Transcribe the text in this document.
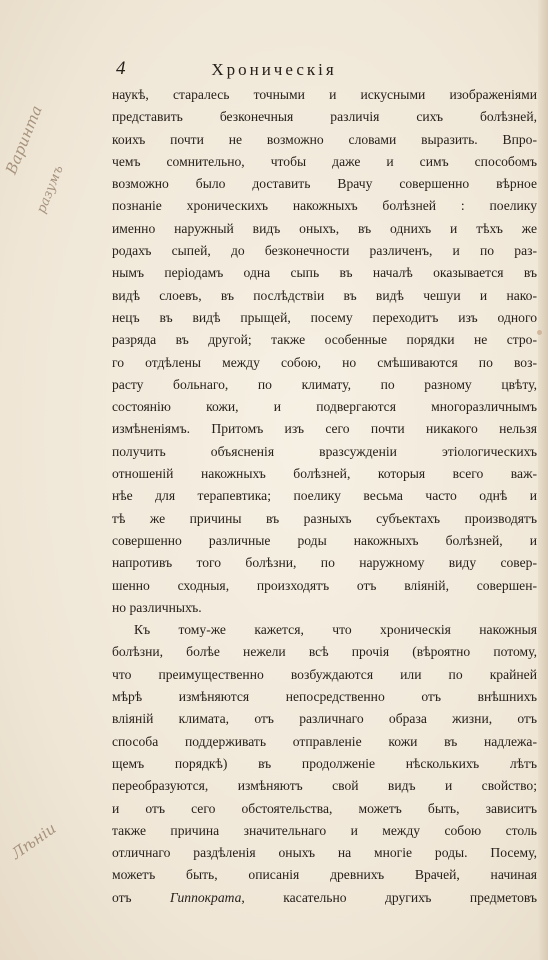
4	Хроническія
Варинта
разумъ
Лѣніи
наукѣ, старалесь точными и искусными изображеніями
представить безконечныя различія сихъ болѣзней,
коихъ почти не возможно словами выразить. Впро-
чемъ сомнительно, чтобы даже и симъ способомъ
возможно было доставить Врачу совершенно вѣрное
познаніе хроническихъ накожныхъ болѣзней : поелику
именно наружный видъ оныхъ, въ однихъ и тѣхъ же
родахъ сыпей, до безконечности различенъ, и по раз-
нымъ періодамъ одна сыпь въ началѣ оказывается въ
видѣ слоевъ, въ послѣдствіи въ видѣ чешуи и нако-
нецъ въ видѣ прыщей, посему переходитъ изъ одного
разряда въ другой; также особенные порядки не стро-
го отдѣлены между собою, но смѣшиваются по воз-
расту больнаго, по климату, по разному цвѣту,
состоянію кожи, и подвергаются многоразличнымъ
измѣненіямъ. Притомъ изъ сего почти никакого нельзя
получить объясненія вразсужденіи этіологическихъ
отношеній накожныхъ болѣзней, которыя всего важ-
нѣе для терапевтика; поелику весьма часто однѣ и
тѣ же причины въ разныхъ субъектахъ производятъ
совершенно различные роды накожныхъ болѣзней, и
напротивъ того болѣзни, по наружному виду совер-
шенно сходныя, произходятъ отъ вліяній, совершен-
но различныхъ.
Къ тому-же кажется, что хроническія накожныя
болѣзни, болѣе нежели всѣ прочія (вѣроятно потому,
что преимущественно возбуждаются или по крайней
мѣрѣ измѣняются непосредственно отъ внѣшнихъ
вліяній климата, отъ различнаго образа жизни, отъ
способа поддерживать отправленіе кожи въ надлежа-
щемъ порядкѣ) въ продолженіе нѣсколькихъ лѣтъ
переобразуются, измѣняютъ свой видъ и свойство;
и отъ сего обстоятельства, можетъ быть, зависитъ
также причина значительнаго и между собою столь
отличнаго раздѣленія оныхъ на многіе роды. Посему,
можетъ быть, описанія древнихъ Врачей, начиная
отъ Гиппократа, касательно другихъ предметовъ
